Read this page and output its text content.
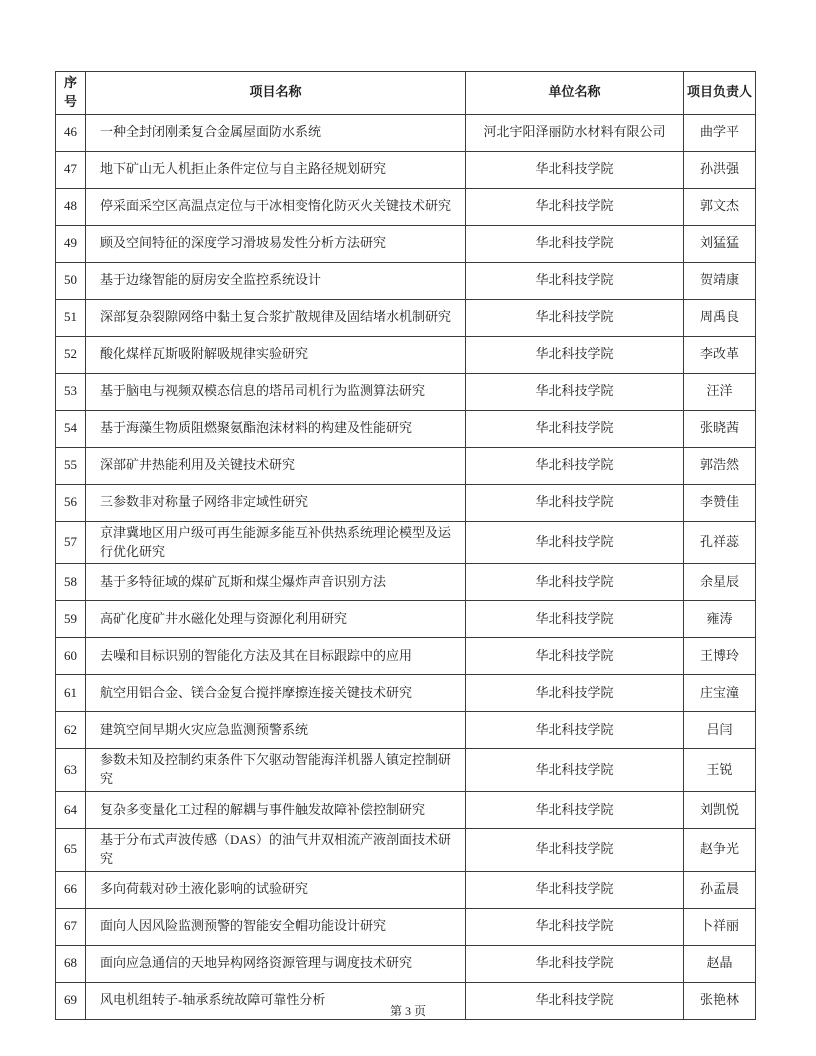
序号	项目名称	单位名称	项目负责人
46	一种全封闭刚柔复合金属屋面防水系统	河北宇阳泽丽防水材料有限公司	曲学平
47	地下矿山无人机拒止条件定位与自主路径规划研究	华北科技学院	孙洪强
48	停采面采空区高温点定位与干冰相变惰化防灭火关键技术研究	华北科技学院	郭文杰
49	顾及空间特征的深度学习滑坡易发性分析方法研究	华北科技学院	刘猛猛
50	基于边缘智能的厨房安全监控系统设计	华北科技学院	贺靖康
51	深部复杂裂隙网络中黏土复合浆扩散规律及固结堵水机制研究	华北科技学院	周禹良
52	酸化煤样瓦斯吸附解吸规律实验研究	华北科技学院	李改革
53	基于脑电与视频双模态信息的塔吊司机行为监测算法研究	华北科技学院	汪洋
54	基于海藻生物质阻燃聚氨酯泡沫材料的构建及性能研究	华北科技学院	张晓茜
55	深部矿井热能利用及关键技术研究	华北科技学院	郭浩然
56	三参数非对称量子网络非定域性研究	华北科技学院	李赞佳
57	京津冀地区用户级可再生能源多能互补供热系统理论模型及运行优化研究	华北科技学院	孔祥蕊
58	基于多特征域的煤矿瓦斯和煤尘爆炸声音识别方法	华北科技学院	余星辰
59	高矿化度矿井水磁化处理与资源化利用研究	华北科技学院	雍涛
60	去噪和目标识别的智能化方法及其在目标跟踪中的应用	华北科技学院	王博玲
61	航空用铝合金、镁合金复合搅拌摩擦连接关键技术研究	华北科技学院	庄宝潼
62	建筑空间早期火灾应急监测预警系统	华北科技学院	吕闫
63	参数未知及控制约束条件下欠驱动智能海洋机器人镇定控制研究	华北科技学院	王锐
64	复杂多变量化工过程的解耦与事件触发故障补偿控制研究	华北科技学院	刘凯悦
65	基于分布式声波传感（DAS）的油气井双相流产液剖面技术研究	华北科技学院	赵争光
66	多向荷载对砂土液化影响的试验研究	华北科技学院	孙孟晨
67	面向人因风险监测预警的智能安全帽功能设计研究	华北科技学院	卜祥丽
68	面向应急通信的天地异构网络资源管理与调度技术研究	华北科技学院	赵晶
69	风电机组转子-轴承系统故障可靠性分析	华北科技学院	张艳林
第 3 页
